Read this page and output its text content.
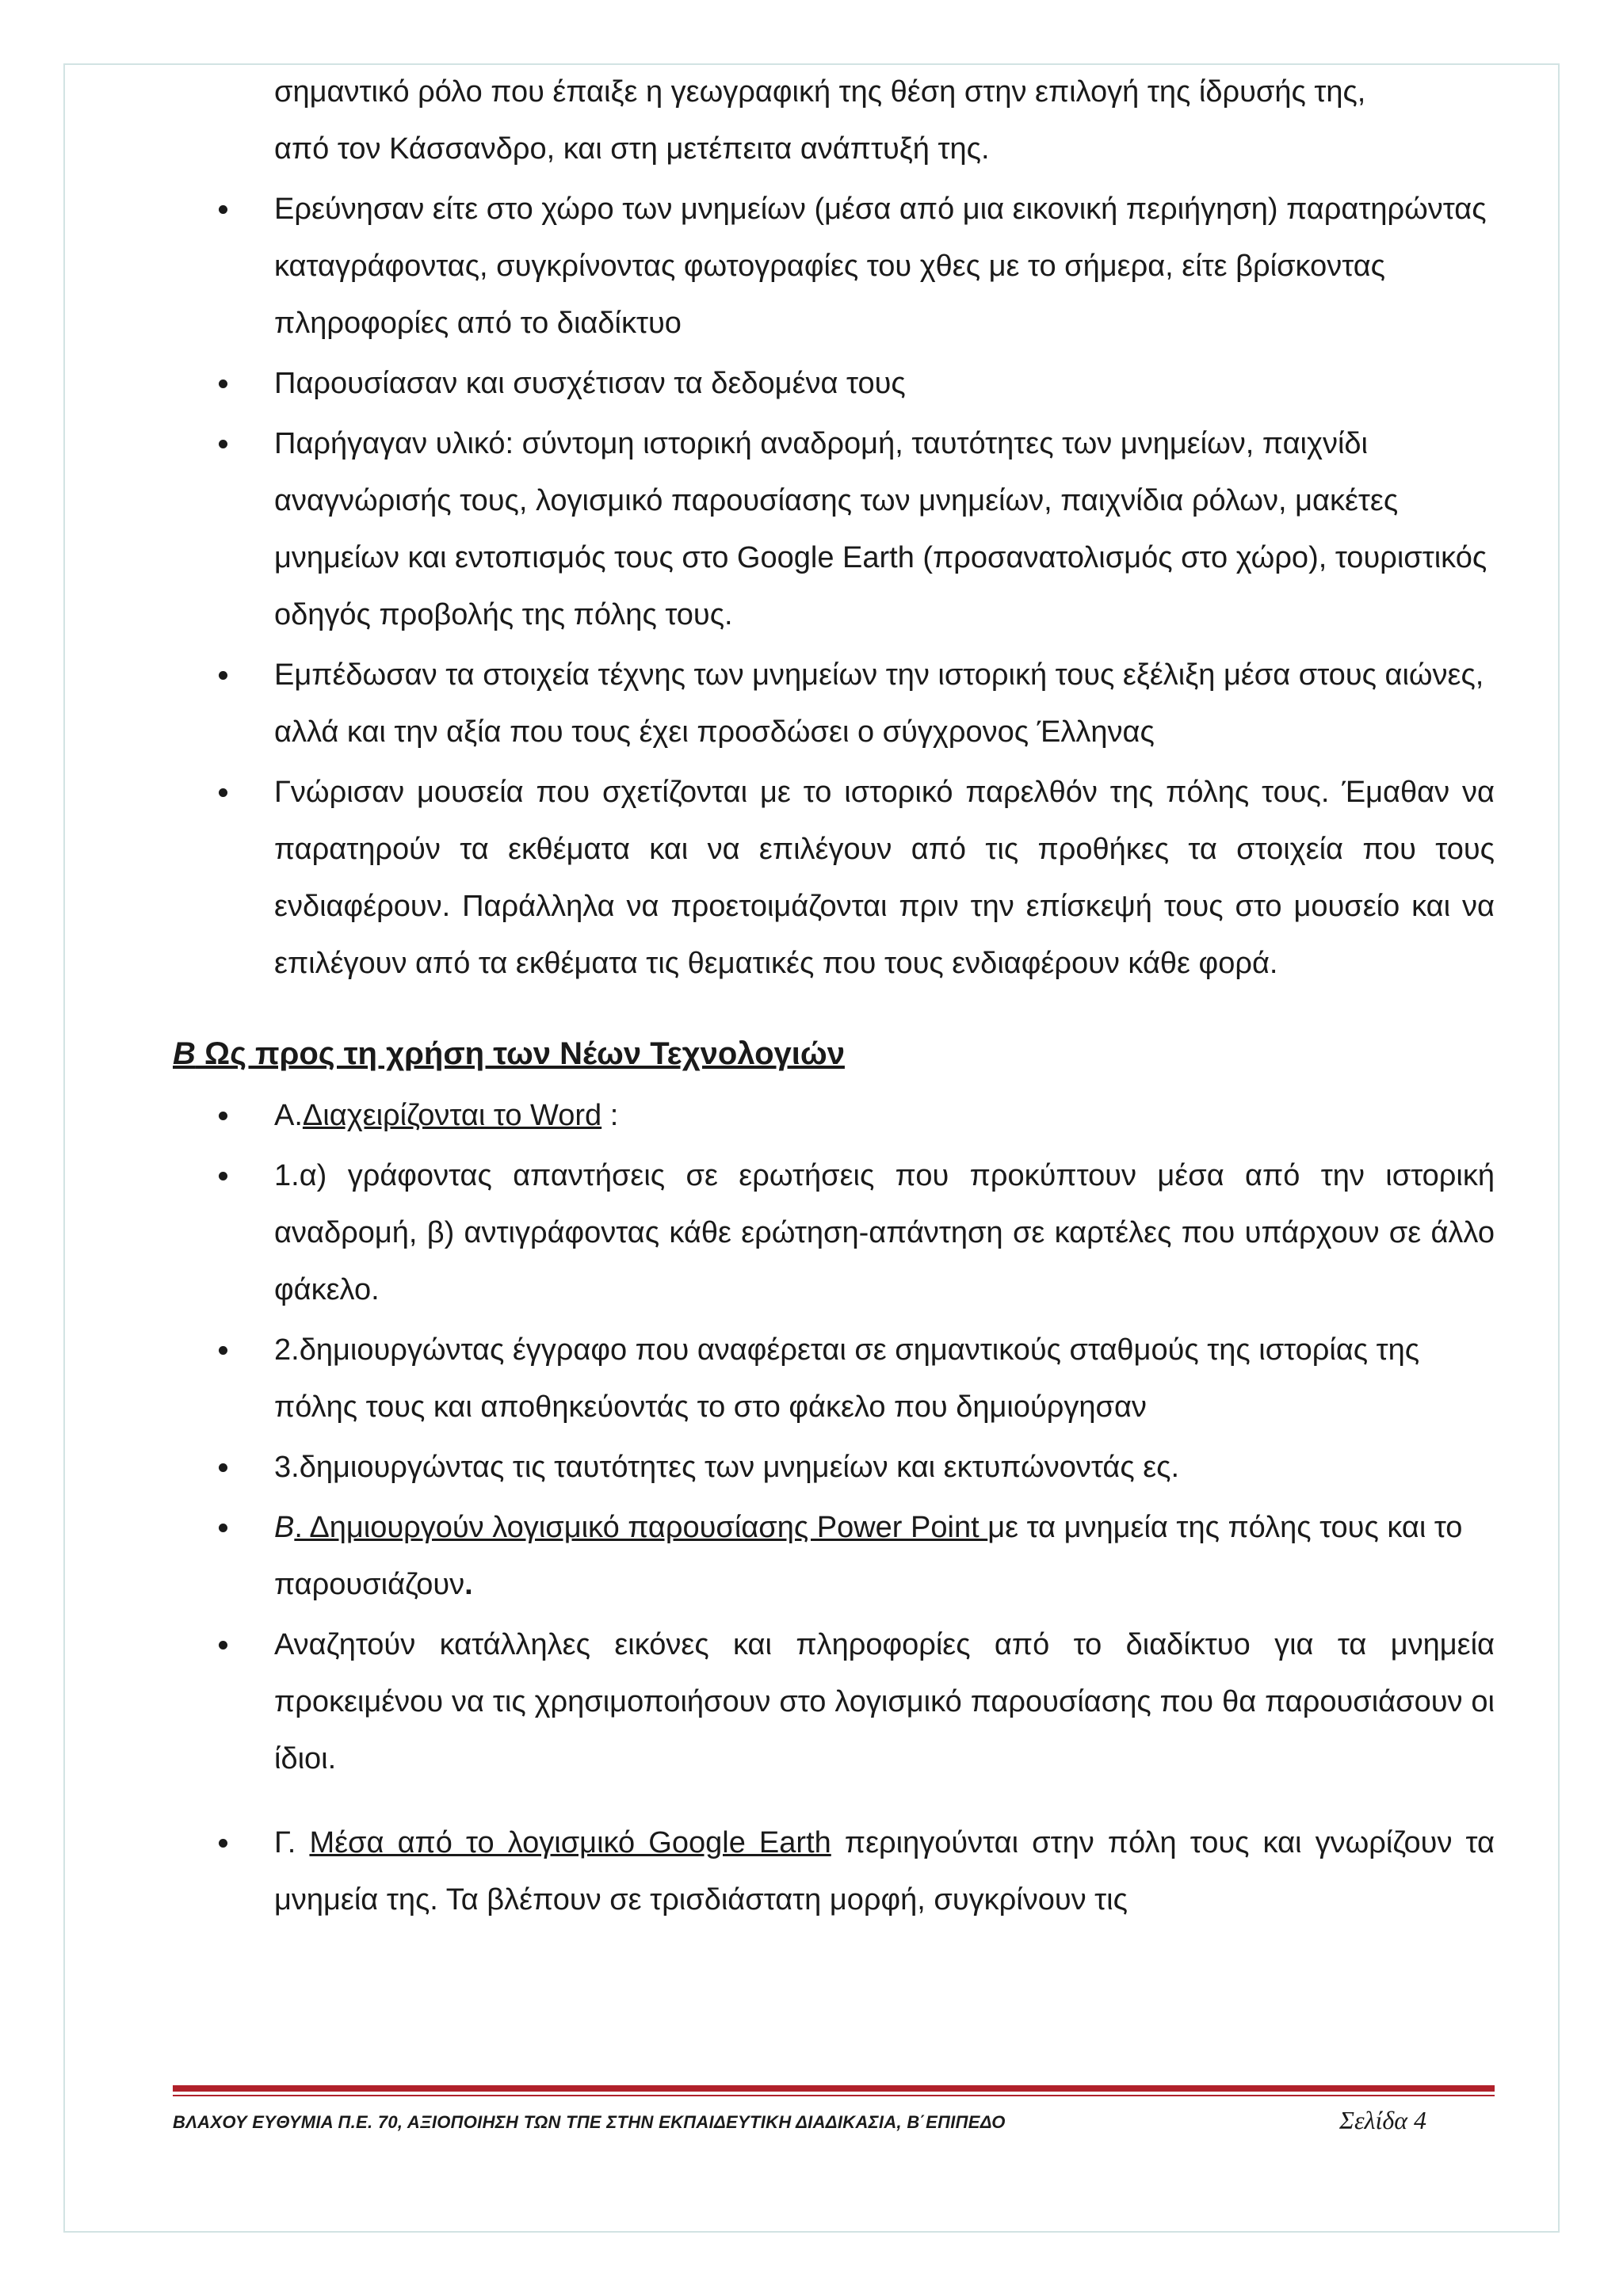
σημαντικό ρόλο που έπαιξε η γεωγραφική της θέση στην επιλογή της ίδρυσής της,

από τον Κάσσανδρο, και στη μετέπειτα ανάπτυξή της.

Ερεύνησαν είτε στο χώρο των μνημείων (μέσα από μια εικονική περιήγηση) παρατηρώντας καταγράφοντας, συγκρίνοντας φωτογραφίες του χθες με το σήμερα, είτε βρίσκοντας πληροφορίες από το διαδίκτυο

Παρουσίασαν και συσχέτισαν τα δεδομένα τους

Παρήγαγαν υλικό: σύντομη ιστορική αναδρομή, ταυτότητες των μνημείων, παιχνίδι αναγνώρισής τους, λογισμικό παρουσίασης των μνημείων, παιχνίδια ρόλων, μακέτες μνημείων και εντοπισμός τους στο Google Earth (προσανατολισμός στο χώρο), τουριστικός οδηγός προβολής της πόλης τους.

Εμπέδωσαν τα στοιχεία τέχνης των μνημείων την ιστορική τους εξέλιξη μέσα στους αιώνες, αλλά και την αξία που τους έχει προσδώσει ο σύγχρονος Έλληνας

Γνώρισαν μουσεία που σχετίζονται με το ιστορικό παρελθόν της πόλης τους. Έμαθαν να παρατηρούν τα εκθέματα και να επιλέγουν από τις προθήκες τα στοιχεία που τους ενδιαφέρουν. Παράλληλα να προετοιμάζονται πριν την επίσκεψή τους στο μουσείο και να επιλέγουν από τα εκθέματα τις θεματικές που τους ενδιαφέρουν κάθε φορά.

Β Ως προς τη χρήση των Νέων Τεχνολογιών

Α.Διαχειρίζονται το Word :

1.α) γράφοντας απαντήσεις σε ερωτήσεις που προκύπτουν μέσα από την ιστορική αναδρομή, β) αντιγράφοντας κάθε ερώτηση-απάντηση σε καρτέλες που υπάρχουν σε άλλο φάκελο.

2.δημιουργώντας έγγραφο που αναφέρεται σε σημαντικούς σταθμούς της ιστορίας της πόλης τους και αποθηκεύοντάς το στο φάκελο που δημιούργησαν

3.δημιουργώντας τις ταυτότητες των μνημείων και εκτυπώνοντάς ες.

Β. Δημιουργούν λογισμικό παρουσίασης Power Point με τα μνημεία της πόλης τους και το παρουσιάζουν.

Αναζητούν κατάλληλες εικόνες και πληροφορίες από το διαδίκτυο για τα μνημεία προκειμένου να τις χρησιμοποιήσουν στο λογισμικό παρουσίασης που θα παρουσιάσουν οι ίδιοι.

Γ. Μέσα από το λογισμικό Google Earth περιηγούνται στην πόλη τους και γνωρίζουν τα μνημεία της. Τα βλέπουν σε τρισδιάστατη μορφή, συγκρίνουν τις

ΒΛΑΧΟΥ ΕΥΘΥΜΙΑ Π.Ε. 70, ΑΞΙΟΠΟΙΗΣΗ ΤΩΝ ΤΠΕ ΣΤΗΝ ΕΚΠΑΙΔΕΥΤΙΚΗ ΔΙΑΔΙΚΑΣΙΑ, Β΄ΕΠΙΠΕΔΟ	Σελίδα 4
